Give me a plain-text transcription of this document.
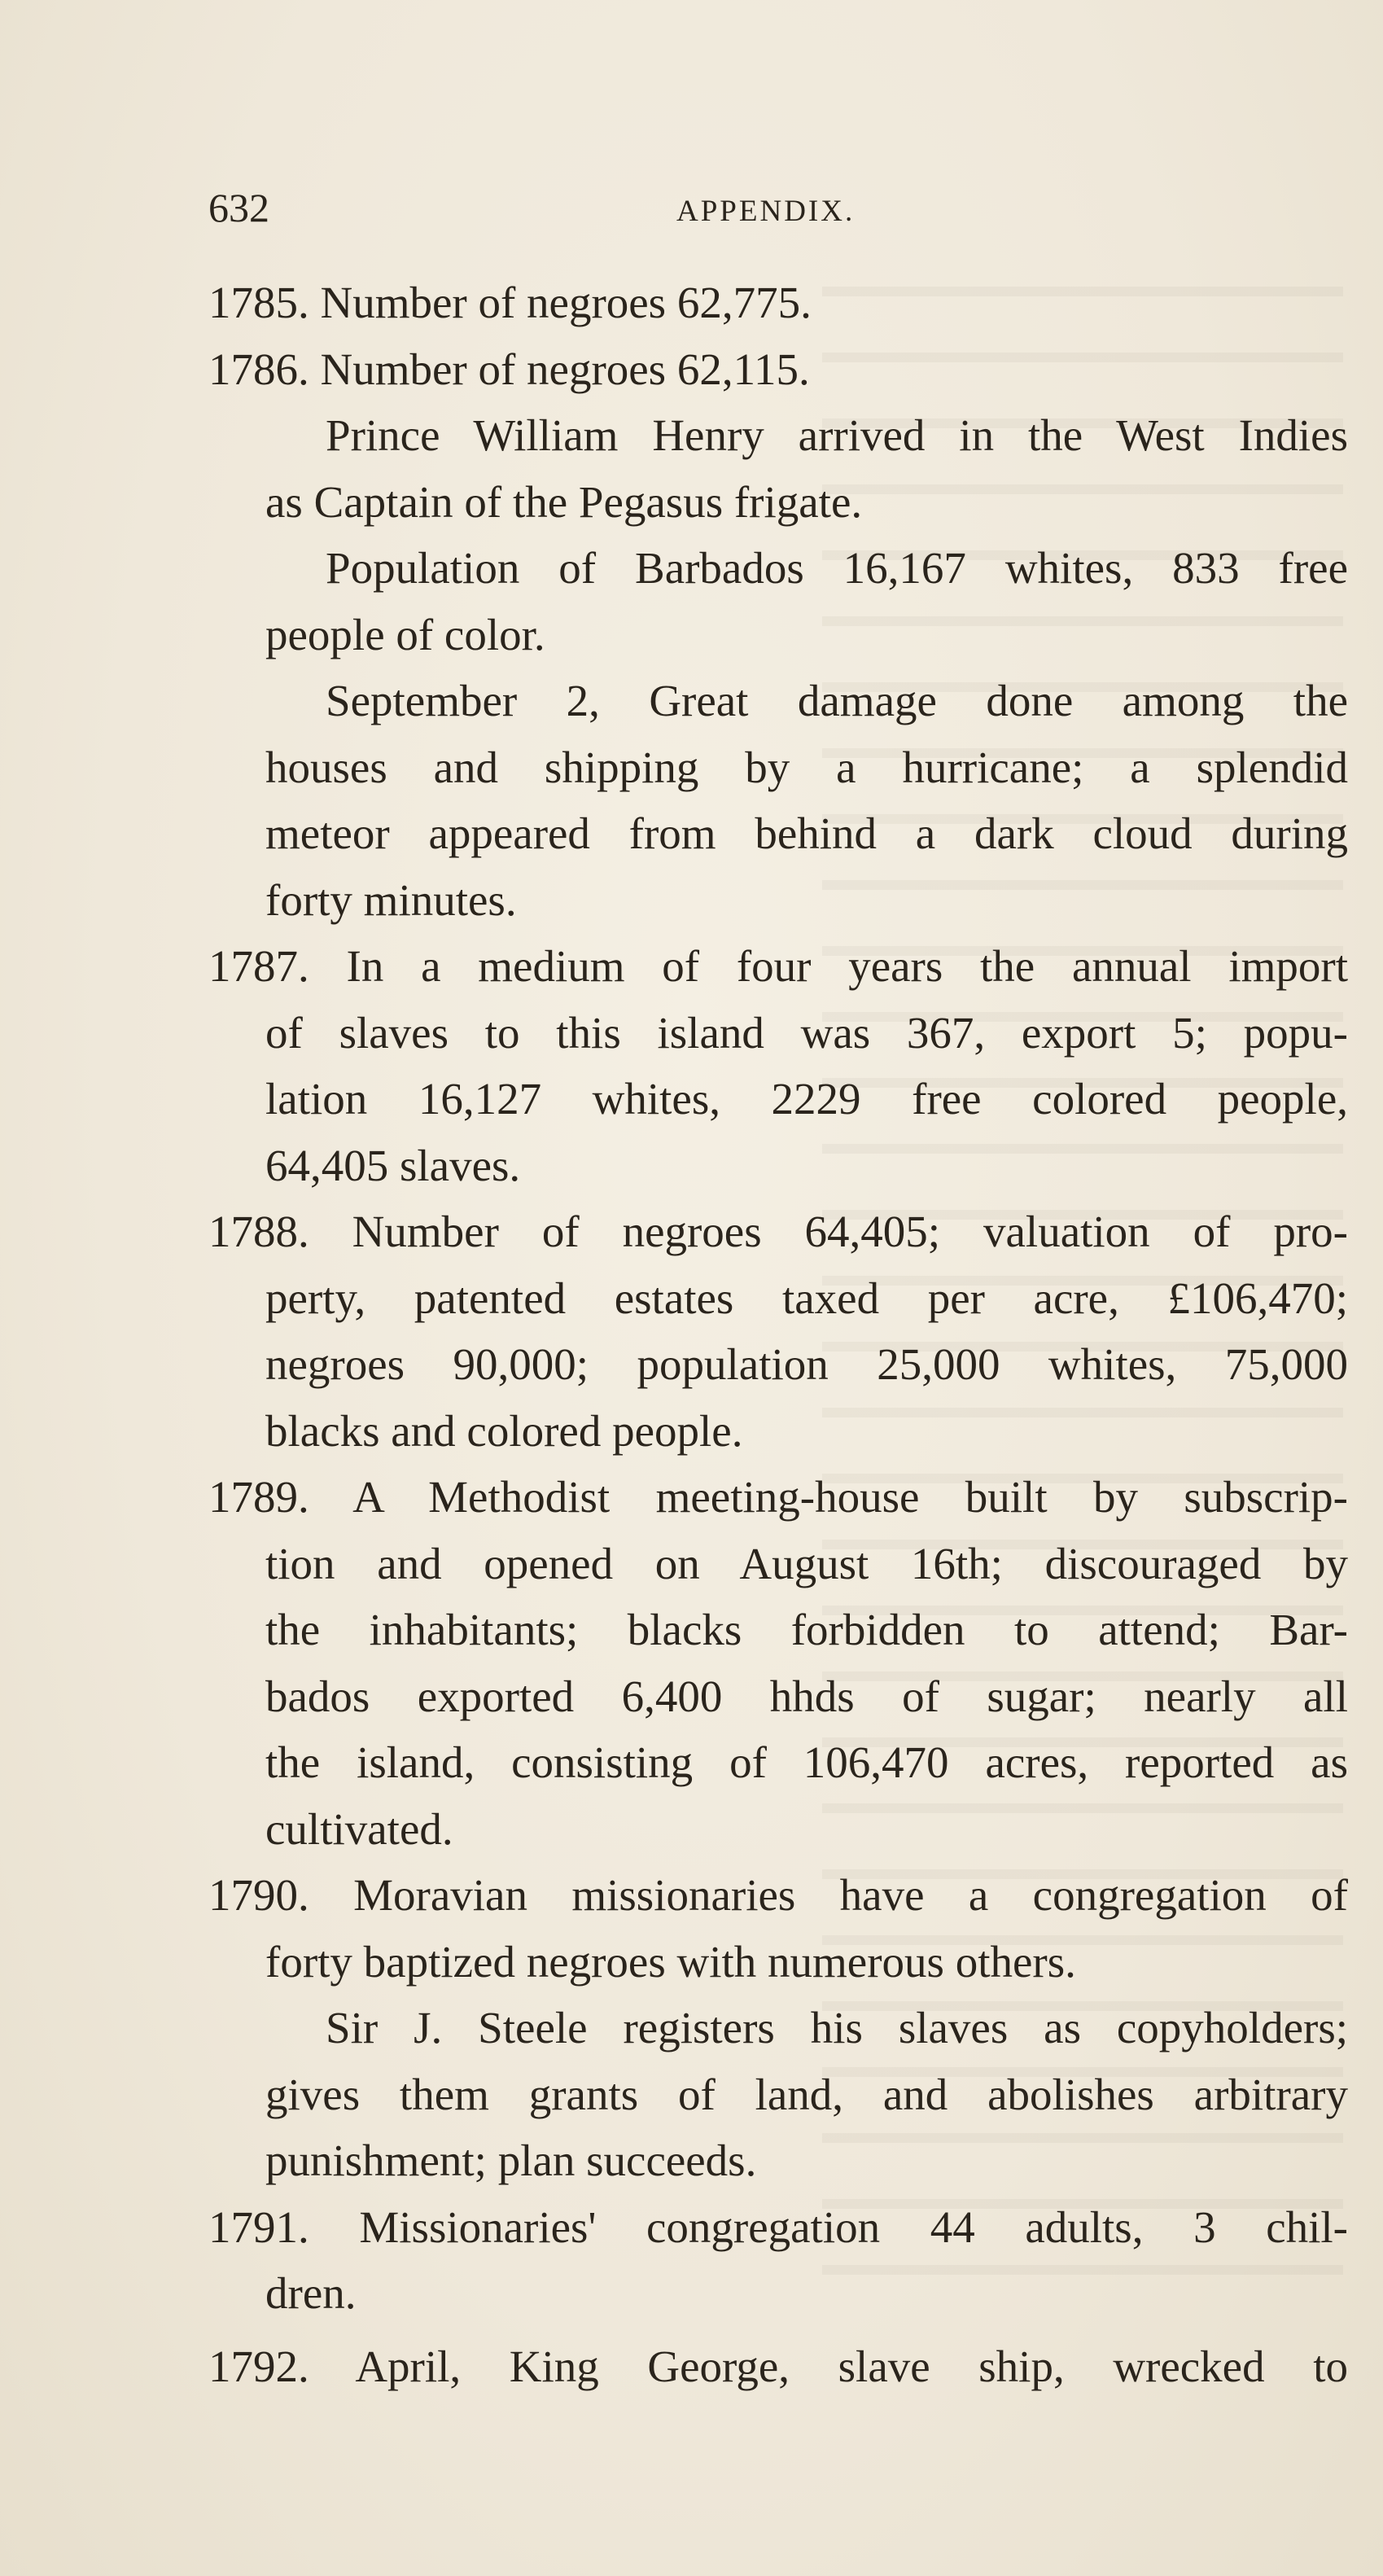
632	APPENDIX.
1785. Number of negroes 62,775.
1786. Number of negroes 62,115.
Prince William Henry arrived in the West Indies
as Captain of the Pegasus frigate.
Population of Barbados 16,167 whites, 833 free
people of color.
September 2, Great damage done among the
houses and shipping by a hurricane; a splendid
meteor appeared from behind a dark cloud during
forty minutes.
1787. In a medium of four years the annual import
of slaves to this island was 367, export 5; popu-
lation 16,127 whites, 2229 free colored people,
64,405 slaves.
1788. Number of negroes 64,405; valuation of pro-
perty, patented estates taxed per acre, £106,470;
negroes 90,000; population 25,000 whites, 75,000
blacks and colored people.
1789. A Methodist meeting-house built by subscrip-
tion and opened on August 16th; discouraged by
the inhabitants; blacks forbidden to attend; Bar-
bados exported 6,400 hhds of sugar; nearly all
the island, consisting of 106,470 acres, reported as
cultivated.
1790. Moravian missionaries have a congregation of
forty baptized negroes with numerous others.
Sir J. Steele registers his slaves as copyholders;
gives them grants of land, and abolishes arbitrary
punishment; plan succeeds.
1791. Missionaries' congregation 44 adults, 3 chil-
dren.
1792. April, King George, slave ship, wrecked to
